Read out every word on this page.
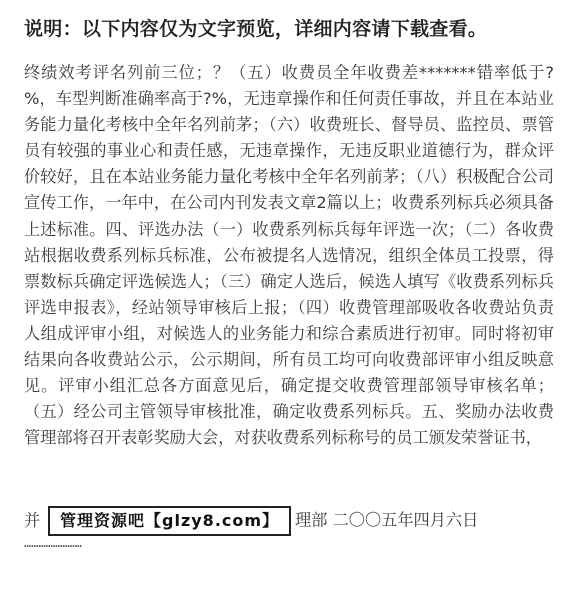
说明：以下内容仅为文字预览，详细内容请下载查看。

终绩效考评名列前三位；？（五）收费员全年收费差*******错率低于?%，车型判断准确率高于?%，无违章操作和任何责任事故，并且在本站业务能力量化考核中全年名列前茅；（六）收费班长、督导员、监控员、票管员有较强的事业心和责任感，无违章操作，无违反职业道德行为，群众评价较好，且在本站业务能力量化考核中全年名列前茅；（八）积极配合公司宣传工作，一年中，在公司内刊发表文章2篇以上；收费系列标兵必须具备上述标准。四、评选办法（一）收费系列标兵每年评选一次；（二）各收费站根据收费系列标兵标准，公布被提名人选情况，组织全体员工投票，得票数标兵确定评选候选人；（三）确定人选后，候选人填写《收费系列标兵评选申报表》，经站领导审核后上报；（四）收费管理部吸收各收费站负责人组成评审小组，对候选人的业务能力和综合素质进行初审。同时将初审结果向各收费站公示，公示期间，所有员工均可向收费部评审小组反映意见。评审小组汇总各方面意见后，确定提交收费管理部领导审核名单；（五）经公司主管领导审核批准，确定收费系列标兵。五、奖励办法收费管理部将召开表彰奖励大会，对获收费系列标称号的员工颁发荣誉证书，

并 管理资源吧【glzy8.com】 理部 二〇〇五年四月六日
……………………
